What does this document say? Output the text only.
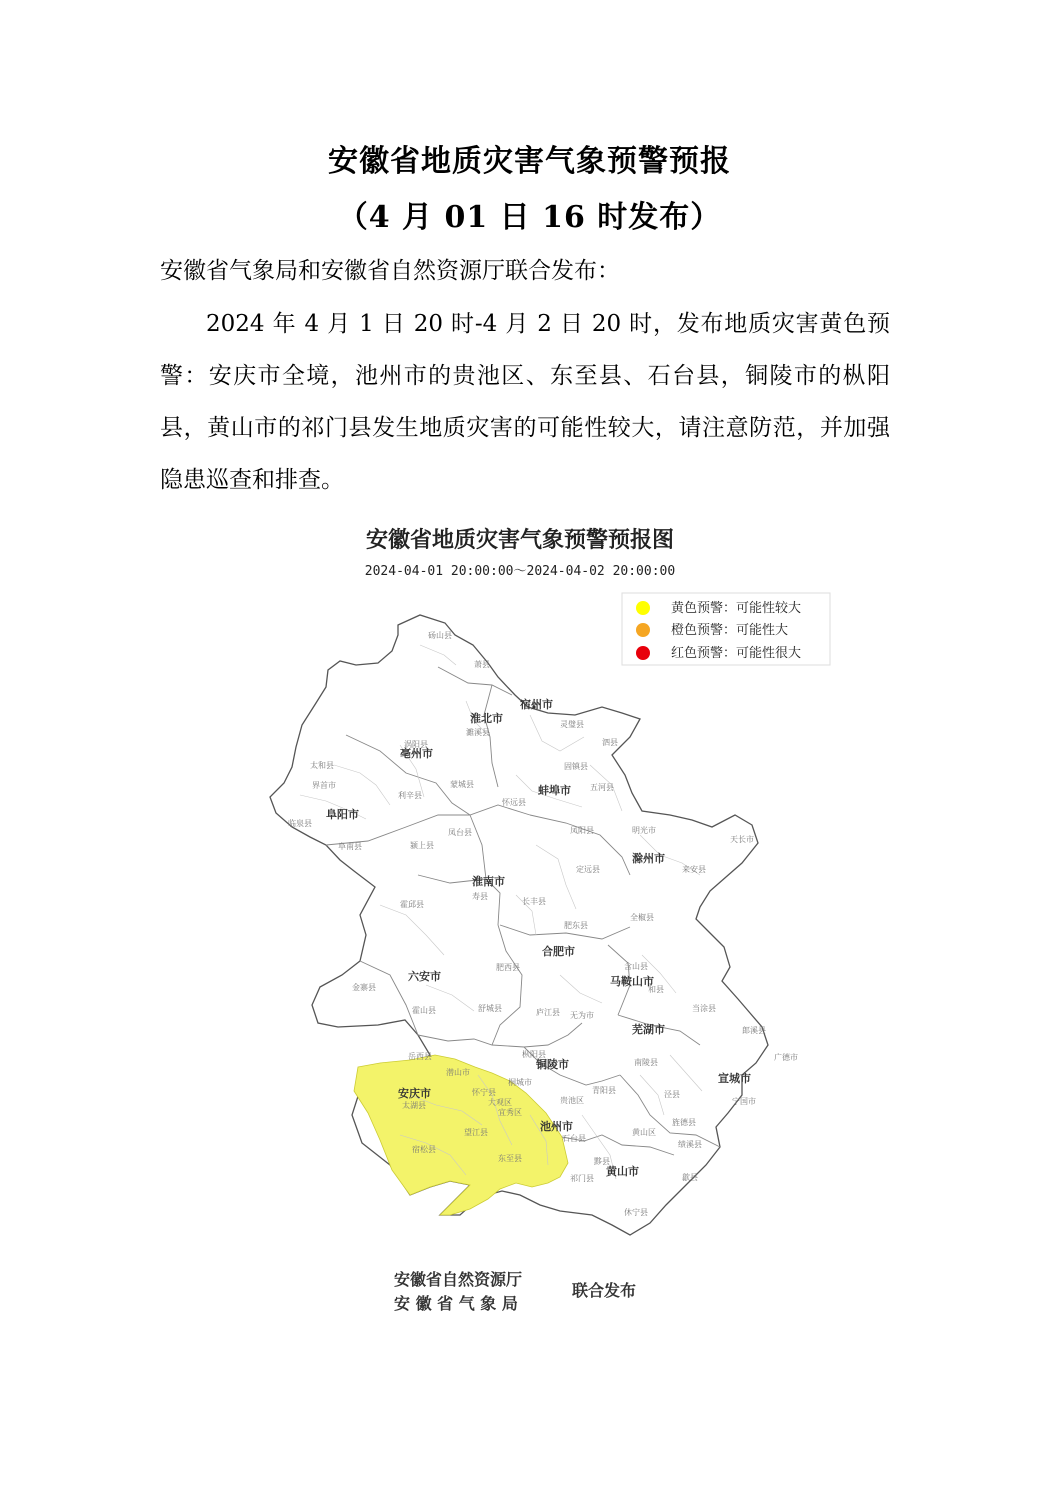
安徽省地质灾害气象预警预报
（4 月 01 日 16 时发布）
安徽省气象局和安徽省自然资源厅联合发布：
2024 年 4 月 1 日 20 时-4 月 2 日 20 时，发布地质灾害黄色预警：安庆市全境，池州市的贵池区、东至县、石台县，铜陵市的枞阳县，黄山市的祁门县发生地质灾害的可能性较大，请注意防范，并加强隐患巡查和排查。
安徽省地质灾害气象预警预报图
2024-04-01 20:00:00～2024-04-02 20:00:00
黄色预警：可能性较大
橙色预警：可能性大
红色预警：可能性很大
宿州市
淮北市
亳州市
阜阳市
蚌埠市
淮南市
滁州市
合肥市
六安市	马鞍山市
芜湖市
铜陵市
宣城市
安庆市
池州市
黄山市
砀山县
萧县
濉溪县
灵璧县
泗县
涡阳县
蒙城县
利辛县
太和县
临泉县
界首市
阜南县	颍上县
凤台县
怀远县
五河县
固镇县
凤阳县	明光市
天长市
来安县
全椒县
定远县
寿县
长丰县
肥东县
肥西县
霍邱县
金寨县
霍山县	舒城县	庐江县 无为市
含山县
和县
当涂县
郎溪县
广德市
宁国市
泾县
绩溪县
旌德县
南陵县
青阳县
石台县
东至县
祁门县
黟县
歙县
休宁县
黄山区
枞阳县
怀宁县
潜山市
太湖县
宿松县
望江县
岳西县
桐城市
大观区
宜秀区
贵池区
安徽省自然资源厅
安 徽 省 气 象 局
联合发布
